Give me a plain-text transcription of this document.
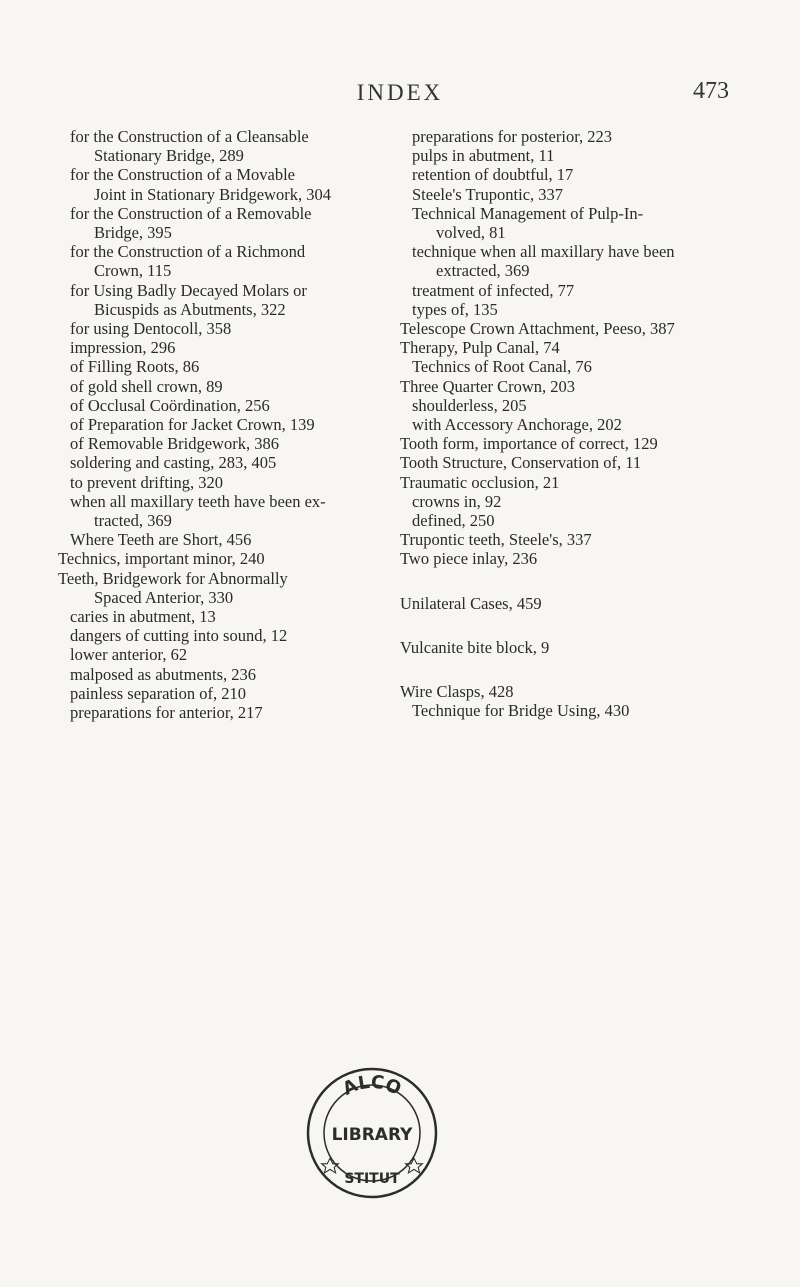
INDEX	473
for the Construction of a Cleansable
Stationary Bridge, 289
for the Construction of a Movable
Joint in Stationary Bridgework, 304
for the Construction of a Removable
Bridge, 395
for the Construction of a Richmond
Crown, 115
for Using Badly Decayed Molars or
Bicuspids as Abutments, 322
for using Dentocoll, 358
impression, 296
of Filling Roots, 86
of gold shell crown, 89
of Occlusal Coördination, 256
of Preparation for Jacket Crown, 139
of Removable Bridgework, 386
soldering and casting, 283, 405
to prevent drifting, 320
when all maxillary teeth have been ex-
tracted, 369
Where Teeth are Short, 456
Technics, important minor, 240
Teeth, Bridgework for Abnormally
Spaced Anterior, 330
caries in abutment, 13
dangers of cutting into sound, 12
lower anterior, 62
malposed as abutments, 236
painless separation of, 210
preparations for anterior, 217
preparations for posterior, 223
pulps in abutment, 11
retention of doubtful, 17
Steele's Trupontic, 337
Technical Management of Pulp-In-
volved, 81
technique when all maxillary have been
extracted, 369
treatment of infected, 77
types of, 135
Telescope Crown Attachment, Peeso, 387
Therapy, Pulp Canal, 74
Technics of Root Canal, 76
Three Quarter Crown, 203
shoulderless, 205
with Accessory Anchorage, 202
Tooth form, importance of correct, 129
Tooth Structure, Conservation of, 11
Traumatic occlusion, 21
crowns in, 92
defined, 250
Trupontic teeth, Steele's, 337
Two piece inlay, 236
Unilateral Cases, 459
Vulcanite bite block, 9
Wire Clasps, 428
Technique for Bridge Using, 430
ALCO
LIBRARY
STITUT
